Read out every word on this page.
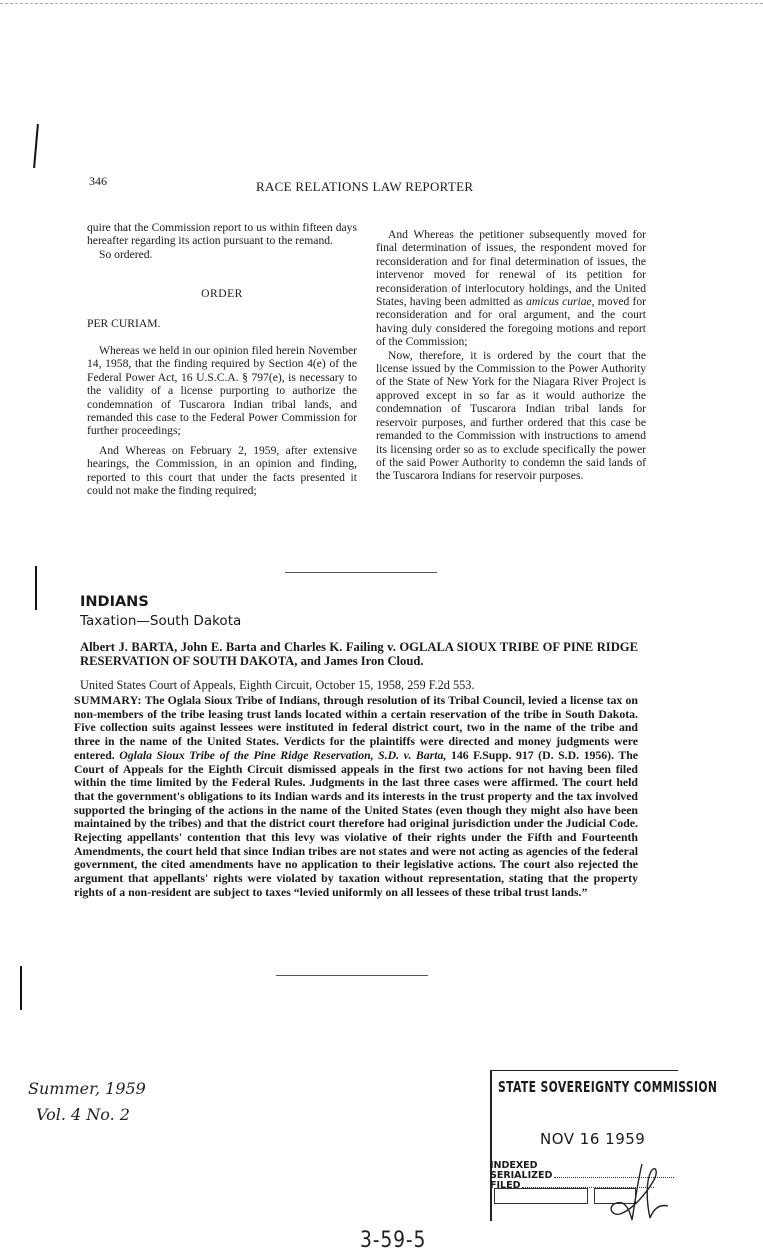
346	RACE RELATIONS LAW REPORTER

quire that the Commission report to us within fifteen days hereafter regarding its action pursuant to the remand.

So ordered.

ORDER

PER CURIAM.

Whereas we held in our opinion filed herein November 14, 1958, that the finding required by Section 4(e) of the Federal Power Act, 16 U.S.C.A. § 797(e), is necessary to the validity of a license purporting to authorize the condemnation of Tuscarora Indian tribal lands, and remanded this case to the Federal Power Commission for further proceedings;

And Whereas on February 2, 1959, after extensive hearings, the Commission, in an opinion and finding, reported to this court that under the facts presented it could not make the finding required;

And Whereas the petitioner subsequently moved for final determination of issues, the respondent moved for reconsideration and for final determination of issues, the intervenor moved for renewal of its petition for reconsideration of interlocutory holdings, and the United States, having been admitted as amicus curiae, moved for reconsideration and for oral argument, and the court having duly considered the foregoing motions and report of the Commission;

Now, therefore, it is ordered by the court that the license issued by the Commission to the Power Authority of the State of New York for the Niagara River Project is approved except in so far as it would authorize the condemnation of Tuscarora Indian tribal lands for reservoir purposes, and further ordered that this case be remanded to the Commission with instructions to amend its licensing order so as to exclude specifically the power of the said Power Authority to condemn the said lands of the Tuscarora Indians for reservoir purposes.

INDIANS
Taxation—South Dakota
Albert J. BARTA, John E. Barta and Charles K. Failing v. OGLALA SIOUX TRIBE OF PINE RIDGE RESERVATION OF SOUTH DAKOTA, and James Iron Cloud.
United States Court of Appeals, Eighth Circuit, October 15, 1958, 259 F.2d 553.
SUMMARY: The Oglala Sioux Tribe of Indians, through resolution of its Tribal Council, levied a license tax on non-members of the tribe leasing trust lands located within a certain reservation of the tribe in South Dakota. Five collection suits against lessees were instituted in federal district court, two in the name of the tribe and three in the name of the United States. Verdicts for the plaintiffs were directed and money judgments were entered. Oglala Sioux Tribe of the Pine Ridge Reservation, S.D. v. Barta, 146 F.Supp. 917 (D. S.D. 1956). The Court of Appeals for the Eighth Circuit dismissed appeals in the first two actions for not having been filed within the time limited by the Federal Rules. Judgments in the last three cases were affirmed. The court held that the government's obligations to its Indian wards and its interests in the trust property and the tax involved supported the bringing of the actions in the name of the United States (even though they might also have been maintained by the tribes) and that the district court therefore had original jurisdiction under the Judicial Code. Rejecting appellants' contention that this levy was violative of their rights under the Fifth and Fourteenth Amendments, the court held that since Indian tribes are not states and were not acting as agencies of the federal government, the cited amendments have no application to their legislative actions. The court also rejected the argument that appellants' rights were violated by taxation without representation, stating that the property rights of a non-resident are subject to taxes “levied uniformly on all lessees of these tribal trust lands.”
Summer, 1959
Vol. 4 No. 2
STATE SOVEREIGNTY COMMISSION
NOV 16 1959
INDEXED
SERIALIZED
FILED
3-59-5
